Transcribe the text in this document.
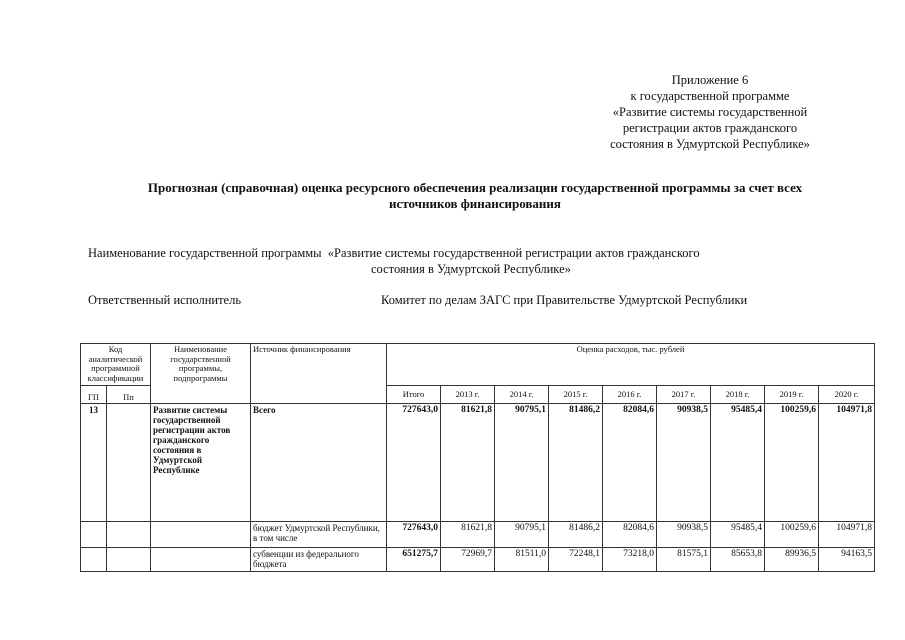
Приложение 6
к государственной программе
«Развитие системы государственной
регистрации актов гражданского
состояния в Удмуртской Республике»
Прогнозная (справочная) оценка ресурсного обеспечения реализации государственной программы за счет всех
источников финансирования
Наименование государственной программы «Развитие системы государственной регистрации актов гражданского
состояния в Удмуртской Республике»
Ответственный исполнитель	Комитет по делам ЗАГС при Правительстве Удмуртской Республики
Код аналитической программной классификации		Наименование государственной программы, подпрограммы	Источник финансирования	Оценка расходов, тыс. рублей								
ГП	Пп			Итого	2013 г.	2014 г.	2015 г.	2016 г.	2017 г.	2018 г.	2019 г.	2020 г.
13		Развитие системы государственной регистрации актов гражданского состояния в Удмуртской Республике	Всего	727643,0	81621,8	90795,1	81486,2	82084,6	90938,5	95485,4	100259,6	104971,8
			бюджет Удмуртской Республики, в том числе	727643,0	81621,8	90795,1	81486,2	82084,6	90938,5	95485,4	100259,6	104971,8
			субвенции из федерального бюджета	651275,7	72969,7	81511,0	72248,1	73218,0	81575,1	85653,8	89936,5	94163,5
